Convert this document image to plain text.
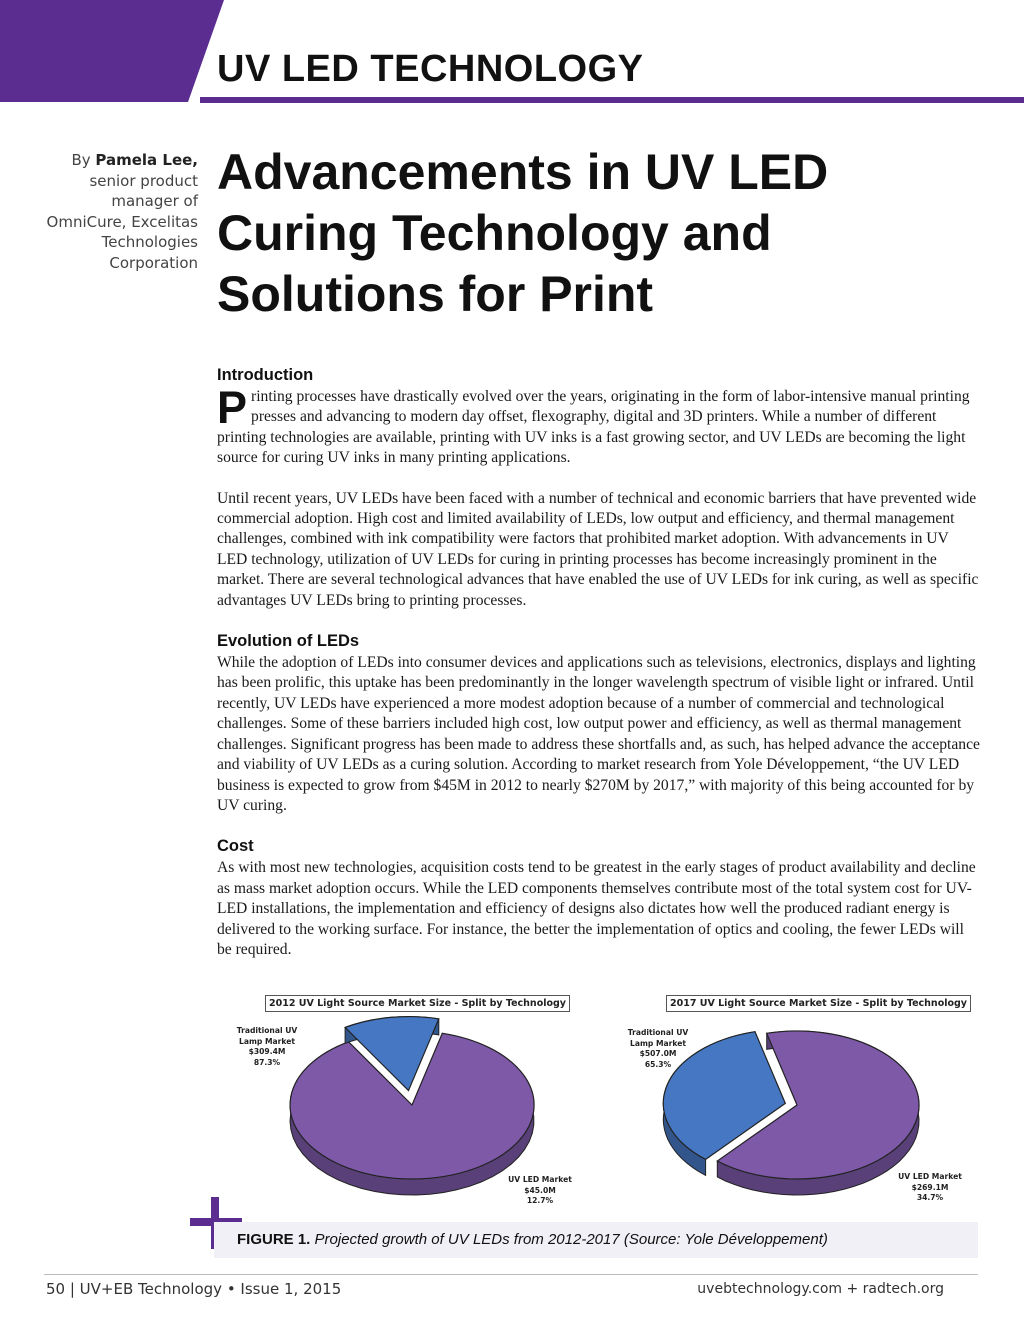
UV LED TECHNOLOGY
By Pamela Lee,
senior product
manager of
OmniCure, Excelitas
Technologies
Corporation
Advancements in UV LED Curing Technology and Solutions for Print
Introduction

Printing processes have drastically evolved over the years, originating in the form of labor-intensive manual printing presses and advancing to modern day offset, flexography, digital and 3D printers. While a number of different printing technologies are available, printing with UV inks is a fast growing sector, and UV LEDs are becoming the light source for curing UV inks in many printing applications.

Until recent years, UV LEDs have been faced with a number of technical and economic barriers that have prevented wide commercial adoption. High cost and limited availability of LEDs, low output and efficiency, and thermal management challenges, combined with ink compatibility were factors that prohibited market adoption. With advancements in UV LED technology, utilization of UV LEDs for curing in printing processes has become increasingly prominent in the market. There are several technological advances that have enabled the use of UV LEDs for ink curing, as well as specific advantages UV LEDs bring to printing processes.

Evolution of LEDs

While the adoption of LEDs into consumer devices and applications such as televisions, electronics, displays and lighting has been prolific, this uptake has been predominantly in the longer wavelength spectrum of visible light or infrared. Until recently, UV LEDs have experienced a more modest adoption because of a number of commercial and technological challenges. Some of these barriers included high cost, low output power and efficiency, as well as thermal management challenges. Significant progress has been made to address these shortfalls and, as such, has helped advance the acceptance and viability of UV LEDs as a curing solution. According to market research from Yole Développement, “the UV LED business is expected to grow from $45M in 2012 to nearly $270M by 2017,” with majority of this being accounted for by UV curing.

Cost

As with most new technologies, acquisition costs tend to be greatest in the early stages of product availability and decline as mass market adoption occurs. While the LED components themselves contribute most of the total system cost for UV-LED installations, the implementation and efficiency of designs also dictates how well the produced radiant energy is delivered to the working surface. For instance, the better the implementation of optics and cooling, the fewer LEDs will be required.

2012 UV Light Source Market Size - Split by Technology
Traditional UV Lamp Market
$309.4M
87.3%
UV LED Market
$45.0M
12.7%
2017 UV Light Source Market Size - Split by Technology
Traditional UV Lamp Market
$507.0M
65.3%
UV LED Market
$269.1M
34.7%
FIGURE 1. Projected growth of UV LEDs from 2012-2017 (Source: Yole Développement)
50 | UV+EB Technology • Issue 1, 2015	uvebtechnology.com + radtech.org
